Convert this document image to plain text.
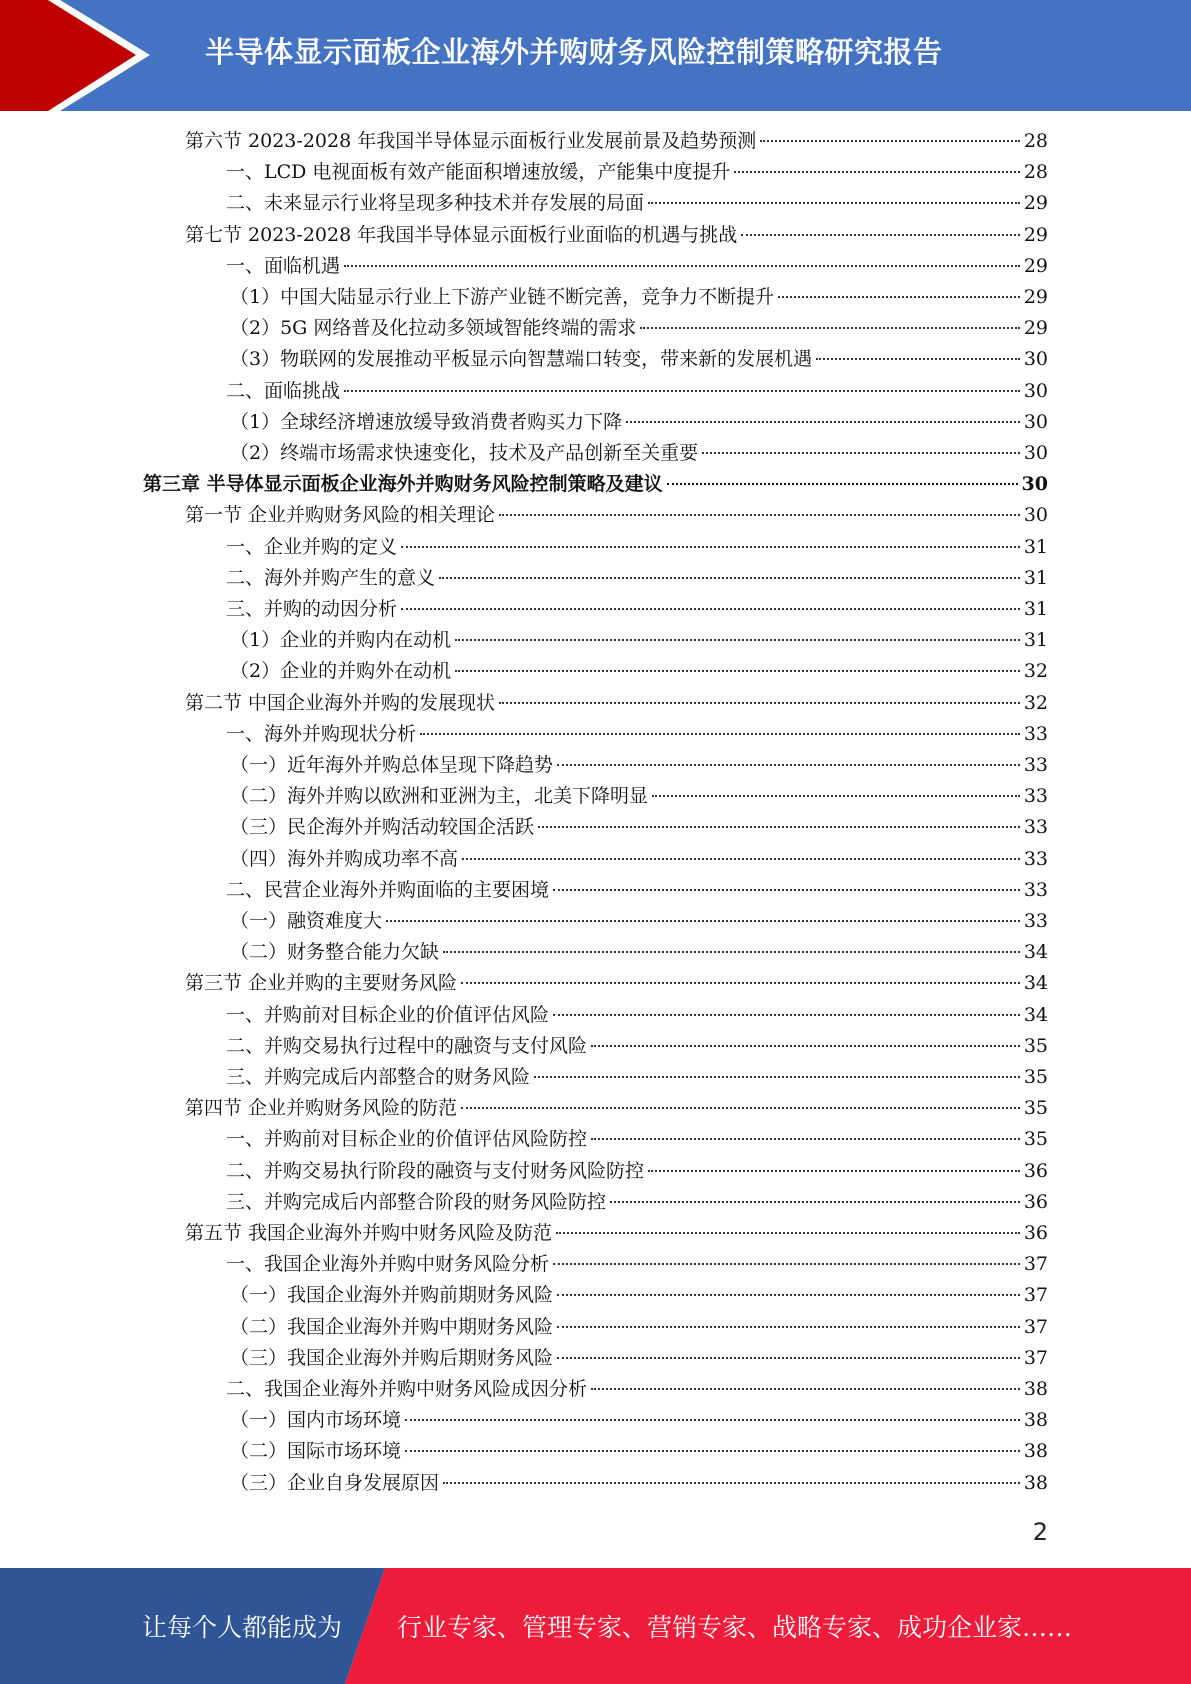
半导体显示面板企业海外并购财务风险控制策略研究报告
第六节 2023-2028 年我国半导体显示面板行业发展前景及趋势预测	28
一、LCD 电视面板有效产能面积增速放缓，产能集中度提升	28
二、未来显示行业将呈现多种技术并存发展的局面	29
第七节 2023-2028 年我国半导体显示面板行业面临的机遇与挑战	29
一、面临机遇	29
（1）中国大陆显示行业上下游产业链不断完善，竞争力不断提升	29
（2）5G 网络普及化拉动多领域智能终端的需求	29
（3）物联网的发展推动平板显示向智慧端口转变，带来新的发展机遇	30
二、面临挑战	30
（1）全球经济增速放缓导致消费者购买力下降	30
（2）终端市场需求快速变化，技术及产品创新至关重要	30
第三章 半导体显示面板企业海外并购财务风险控制策略及建议	30
第一节 企业并购财务风险的相关理论	30
一、企业并购的定义	31
二、海外并购产生的意义	31
三、并购的动因分析	31
（1）企业的并购内在动机	31
（2）企业的并购外在动机	32
第二节 中国企业海外并购的发展现状	32
一、海外并购现状分析	33
（一）近年海外并购总体呈现下降趋势	33
（二）海外并购以欧洲和亚洲为主，北美下降明显	33
（三）民企海外并购活动较国企活跃	33
（四）海外并购成功率不高	33
二、民营企业海外并购面临的主要困境	33
（一）融资难度大	33
（二）财务整合能力欠缺	34
第三节 企业并购的主要财务风险	34
一、并购前对目标企业的价值评估风险	34
二、并购交易执行过程中的融资与支付风险	35
三、并购完成后内部整合的财务风险	35
第四节 企业并购财务风险的防范	35
一、并购前对目标企业的价值评估风险防控	35
二、并购交易执行阶段的融资与支付财务风险防控	36
三、并购完成后内部整合阶段的财务风险防控	36
第五节 我国企业海外并购中财务风险及防范	36
一、我国企业海外并购中财务风险分析	37
（一）我国企业海外并购前期财务风险	37
（二）我国企业海外并购中期财务风险	37
（三）我国企业海外并购后期财务风险	37
二、我国企业海外并购中财务风险成因分析	38
（一）国内市场环境	38
（二）国际市场环境	38
（三）企业自身发展原因	38
2
让每个人都能成为 行业专家、管理专家、营销专家、战略专家、成功企业家……
